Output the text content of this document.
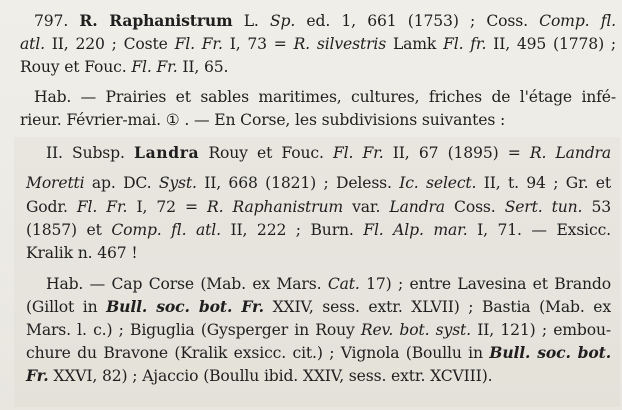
797. R. Raphanistrum L. Sp. ed. 1, 661 (1753) ; Coss. Comp. fl.
atl. II, 220 ; Coste Fl. Fr. I, 73 = R. silvestris Lamk Fl. fr. II, 495 (1778) ;
Rouy et Fouc. Fl. Fr. II, 65.
Hab. — Prairies et sables maritimes, cultures, friches de l'étage infé-
rieur. Février-mai. ① . — En Corse, les subdivisions suivantes :
II. Subsp. Landra Rouy et Fouc. Fl. Fr. II, 67 (1895) = R. Landra
Moretti ap. DC. Syst. II, 668 (1821) ; Deless. Ic. select. II, t. 94 ; Gr. et
Godr. Fl. Fr. I, 72 = R. Raphanistrum var. Landra Coss. Sert. tun. 53
(1857) et Comp. fl. atl. II, 222 ; Burn. Fl. Alp. mar. I, 71. — Exsicc.
Kralik n. 467 !
Hab. — Cap Corse (Mab. ex Mars. Cat. 17) ; entre Lavesina et Brando
(Gillot in Bull. soc. bot. Fr. XXIV, sess. extr. XLVII) ; Bastia (Mab. ex
Mars. l. c.) ; Biguglia (Gysperger in Rouy Rev. bot. syst. II, 121) ; embou-
chure du Bravone (Kralik exsicc. cit.) ; Vignola (Boullu in Bull. soc. bot.
Fr. XXVI, 82) ; Ajaccio (Boullu ibid. XXIV, sess. extr. XCVIII).
